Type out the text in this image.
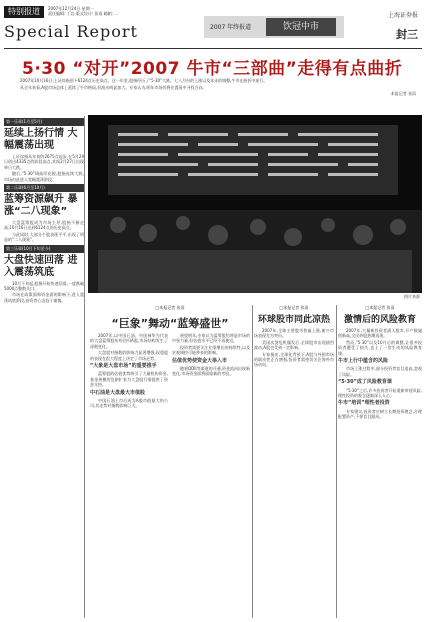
特别报道	2007年12月24日 星期一
责任编辑: 丁岩 版式设计: 张雨 邮箱: ...
Special Report	2007 年终报道	饮冠中市
上海证券报
封三
5·30 “对开”2007 牛市“三部曲”走得有点曲折

2007年10月16日,上证综指创下6124点历史高点。这一年里,股指经历了“5·30”大跌、七八月份的上涨以及年末的调整,牛市在曲折中前行。

从全年来看,A股市场总体上延续了牛市格局,但波动明显加大。专家认为,明年市场仍将在震荡中寻找方向。

本报记者 张雨
图片来源
第一乐章(1月至5月)
延续上扬行情 大幅震荡出现

上证综指从年初的2675点起步,在5月29日创出4335点的阶段高点,其间2月27日出现单日大跌。

随后,“5·30”调高印花税,股指连续大跌,市场由此进入宽幅震荡阶段。

第二乐章(6月至10月)
蓝筹资源飙升 暴涨“二八现象”

大盘蓝筹股成为市场主导,股指不断走高,10月16日达到6124点的历史高点。

与此同时,大部分个股表现平平,出现了明显的“二八现象”。

第三乐章(10月下旬至今)
大盘快速回落 进入震荡筑底

10月下旬起,股指开始快速回落,一度跌破5000点整数关口。

市场在政策面和资金面的影响下,进入震荡筑底阶段,投资者心态趋于谨慎。

□本报记者 张雨
“巨象”舞动“蓝筹盛世”

2007年,以中国石油、中国神华为代表的大盘蓝筹股纷纷回归A股,市场结构发生了深刻变化。

大盘股对指数的影响力显著增强,权重股的表现在很大程度上决定了市场走势。

“大象是大盘市场”的重要推手

蓝筹股的估值优势吸引了大量机构资金,基金规模的急剧扩张为大盘股行情提供了资金支持。

中石油是大盘最大市值股

中国石油上市后成为A股市值最大的公司,其走势对指数影响巨大。

展望明年,专家认为蓝筹股仍将是市场的中坚力量,但估值水平已经不再便宜。

投资者需要关注业绩增长的持续性,以及宏观调控可能带来的影响。

估值优势使资金大举入市

随着QDII等渠道的开通,资金流向出现新变化,市场资金面将面临新的考验。

□本报记者 张雨
环球股市同此凉热

2007年,全球主要股市普遍上涨,新兴市场表现尤为突出。

美国次贷危机爆发后,全球股市出现剧烈波动,A股也受到一定影响。

专家指出,全球化背景下,A股与外围市场的联动性正在增强,投资者需密切关注海外市场动向。

□本报记者 张雨
激情后的风险教育

2007年,大量新投资者涌入股市,开户数屡创新高,全民炒股热潮再现。

然而,“5·30”以及10月后的调整,让很多投资者遭受了损失,也上了一堂生动的风险教育课。

牛市上行中蕴含的风险

市场上涨过程中,部分投资者盲目追高,忽视了风险。

“5·30”成了风险教育课

“5·30”之后,许多投资者开始重新审视风险,理性投资的观念逐渐深入人心。

牛市“培训”理性者投资

专家建议,投资者应树立长期投资理念,合理配置资产,不要盲目跟风。
